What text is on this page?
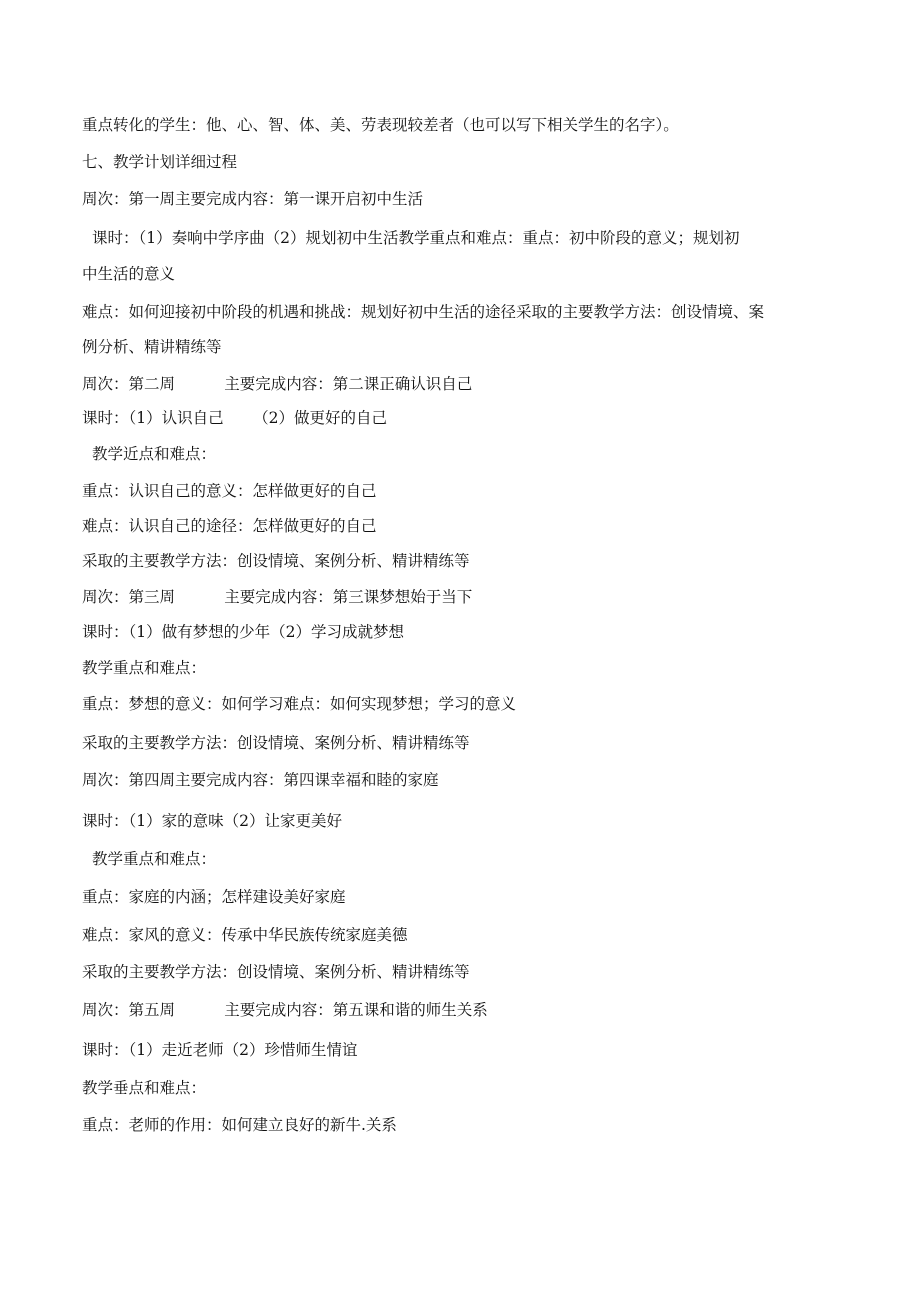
重点转化的学生：他、心、智、体、美、劳表现较差者（也可以写下相关学生的名字）。
七、教学计划详细过程
周次：第一周主要完成内容：第一课开启初中生活
课时：（1）奏响中学序曲（2）规划初中生活教学重点和难点：重点：初中阶段的意义；规划初
中生活的意义
难点：如何迎接初中阶段的机遇和挑战：规划好初中生活的途径采取的主要教学方法：创设情境、案
例分析、精讲精练等
周次：第二周          主要完成内容：第二课正确认识自己
课时：（1）认识自己      （2）做更好的自己
教学近点和难点：
重点：认识自己的意义：怎样做更好的自己
难点：认识自己的途径：怎样做更好的自己
采取的主要教学方法：创设情境、案例分析、精讲精练等
周次：第三周          主要完成内容：第三课梦想始于当下
课时：（1）做有梦想的少年（2）学习成就梦想
教学重点和难点：
重点：梦想的意义：如何学习难点：如何实现梦想；学习的意义
采取的主要教学方法：创设情境、案例分析、精讲精练等
周次：第四周主要完成内容：第四课幸福和睦的家庭
课时：（1）家的意味（2）让家更美好
教学重点和难点：
重点：家庭的内涵；怎样建设美好家庭
难点：家风的意义：传承中华民族传统家庭美德
采取的主要教学方法：创设情境、案例分析、精讲精练等
周次：第五周          主要完成内容：第五课和谐的师生关系
课时：（1）走近老师（2）珍惜师生情谊
教学垂点和难点：
重点：老师的作用：如何建立良好的新牛.关系
